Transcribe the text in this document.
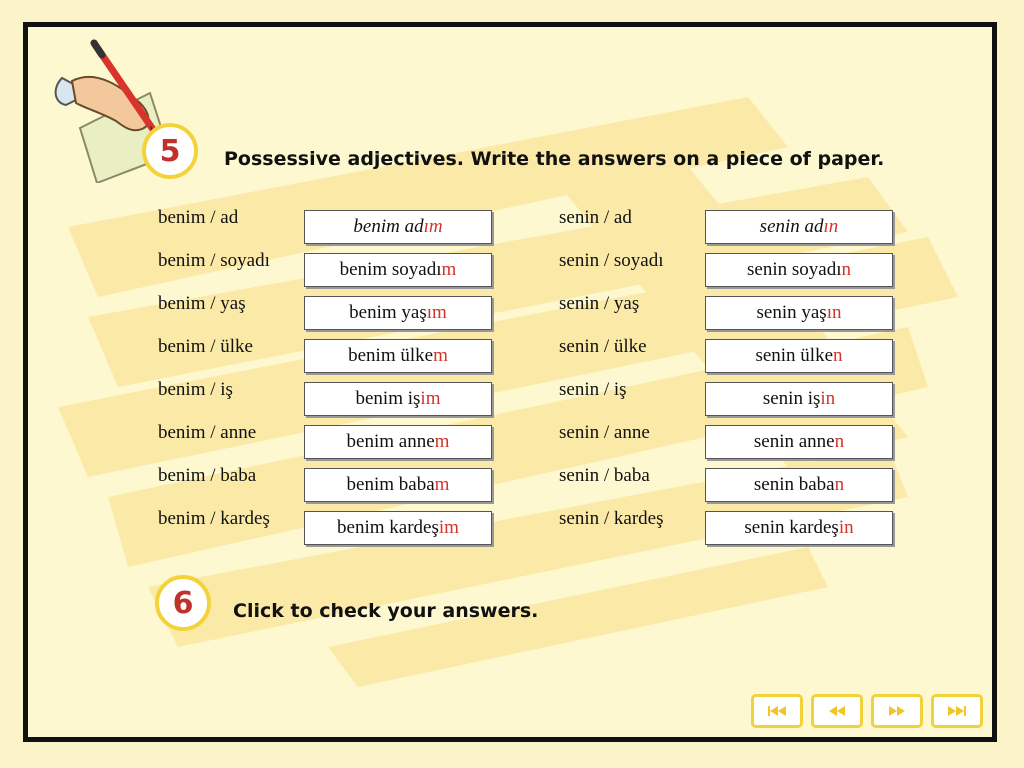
5 Possessive adjectives. Write the answers on a piece of paper.
benim / ad	benim ad ım
benim / soyadı	benim soyadı m
benim / yaş	benim yaş ım
benim / ülke	benim ülke m
benim / iş	benim iş im
benim / anne	benim anne m
benim / baba	benim baba m
benim / kardeş	benim kardeş im
senin / ad	senin ad ın
senin / soyadı	senin soyadı n
senin / yaş	senin yaş ın
senin / ülke	senin ülke n
senin / iş	senin iş in
senin / anne	senin anne n
senin / baba	senin baba n
senin / kardeş	senin kardeş in
6 Click to check your answers.
